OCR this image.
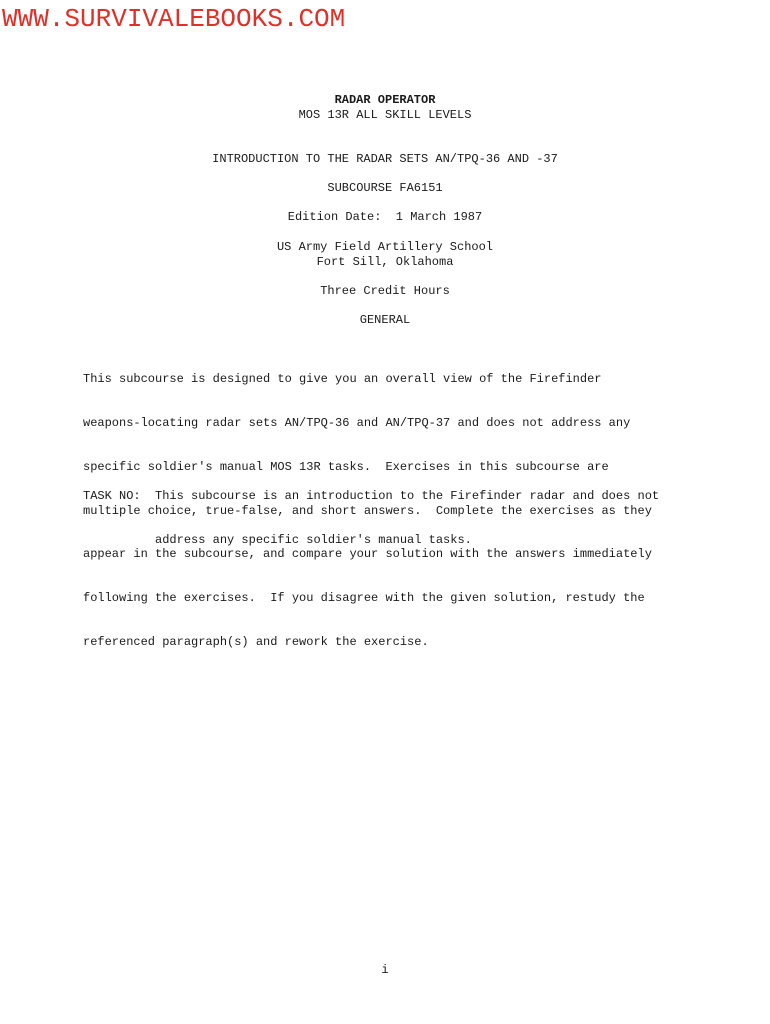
WWW.SURVIVALEBOOKS.COM
RADAR OPERATOR
MOS 13R ALL SKILL LEVELS
INTRODUCTION TO THE RADAR SETS AN/TPQ-36 AND -37
SUBCOURSE FA6151
Edition Date:  1 March 1987
US Army Field Artillery School
Fort Sill, Oklahoma
Three Credit Hours
GENERAL

This subcourse is designed to give you an overall view of the Firefinder

weapons-locating radar sets AN/TPQ-36 and AN/TPQ-37 and does not address any

specific soldier's manual MOS 13R tasks.  Exercises in this subcourse are

multiple choice, true-false, and short answers.  Complete the exercises as they

appear in the subcourse, and compare your solution with the answers immediately

following the exercises.  If you disagree with the given solution, restudy the

referenced paragraph(s) and rework the exercise.

TASK NO:  This subcourse is an introduction to the Firefinder radar and does not

address any specific soldier's manual tasks.

i
